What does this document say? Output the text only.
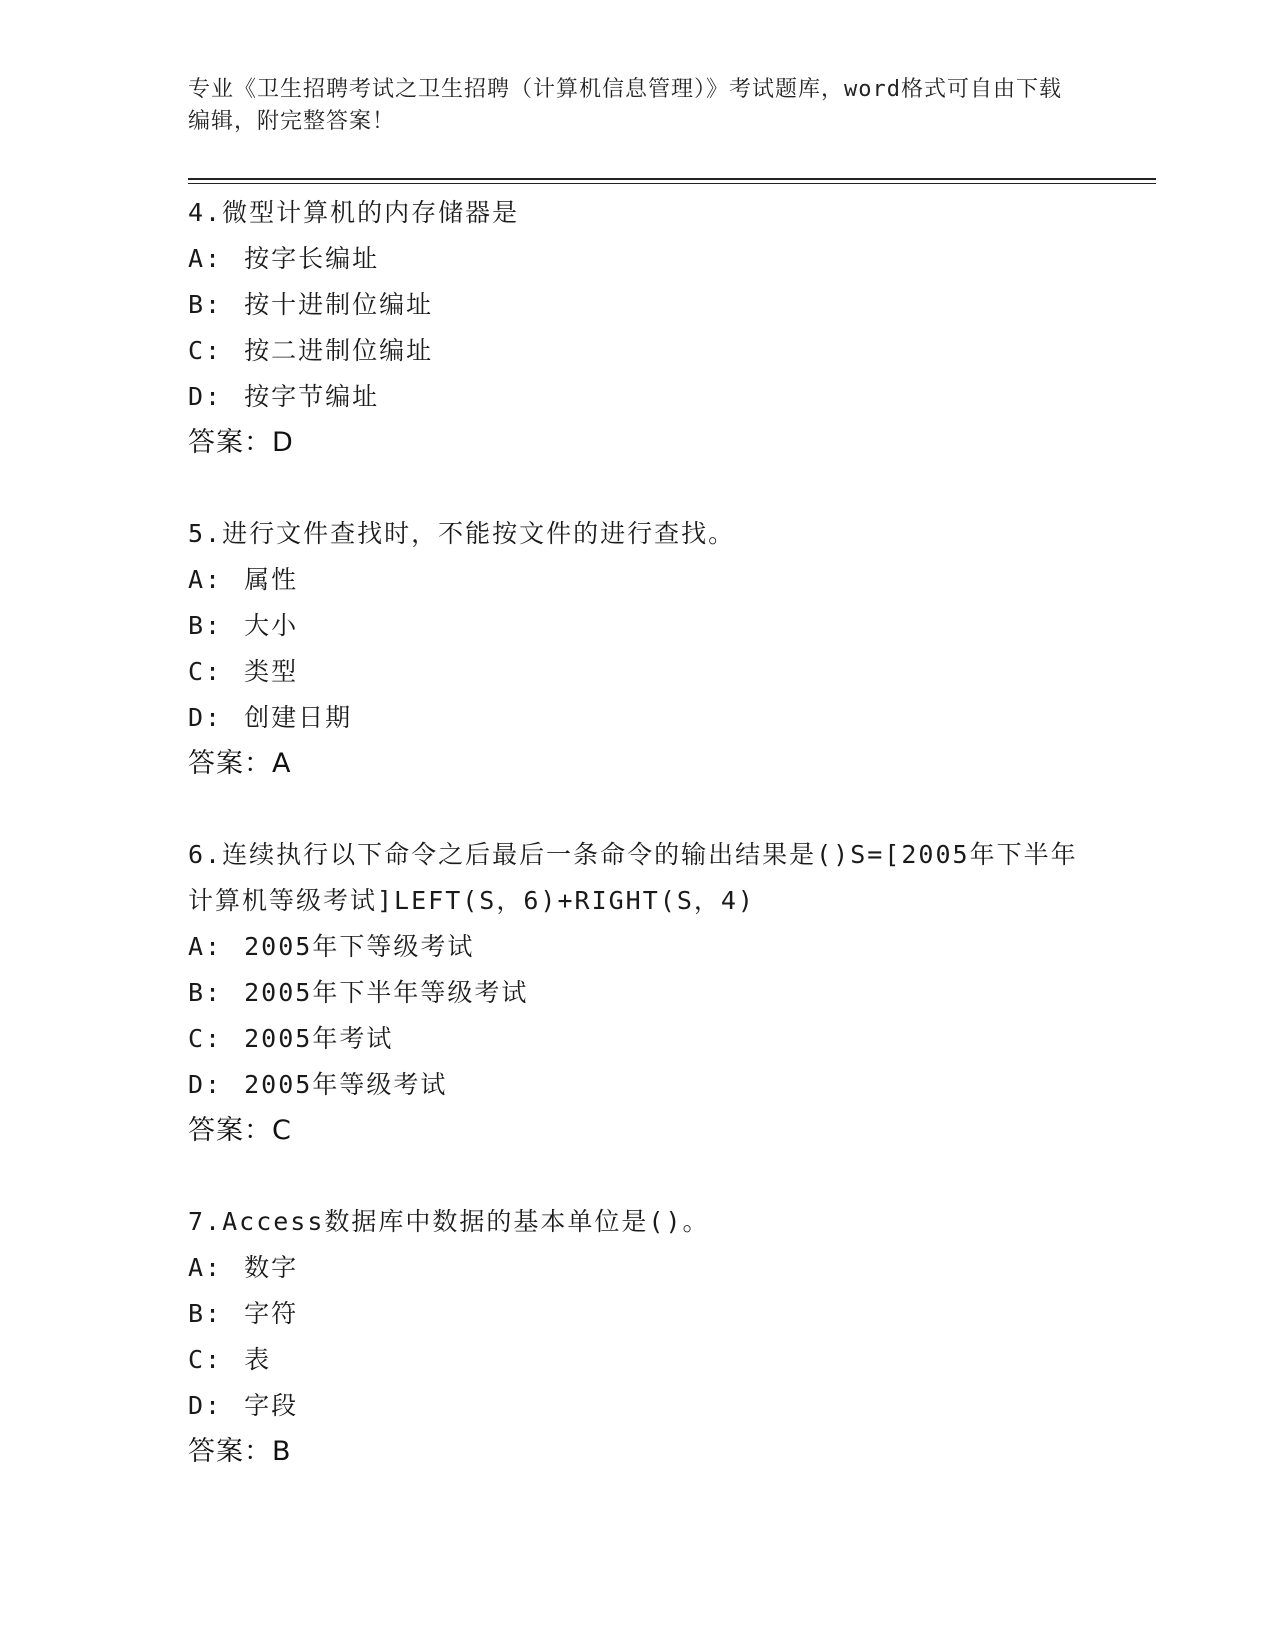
专业《卫生招聘考试之卫生招聘（计算机信息管理）》考试题库，word格式可自由下载编辑，附完整答案！
4.微型计算机的内存储器是
A: 按字长编址
B: 按十进制位编址
C: 按二进制位编址
D: 按字节编址
答案：D
5.进行文件查找时，不能按文件的进行查找。
A: 属性
B: 大小
C: 类型
D: 创建日期
答案：A
6.连续执行以下命令之后最后一条命令的输出结果是()S=[2005年下半年计算机等级考试]LEFT(S，6)+RIGHT(S，4)
A: 2005年下等级考试
B: 2005年下半年等级考试
C: 2005年考试
D: 2005年等级考试
答案：C
7.Access数据库中数据的基本单位是()。
A: 数字
B: 字符
C: 表
D: 字段
答案：B
